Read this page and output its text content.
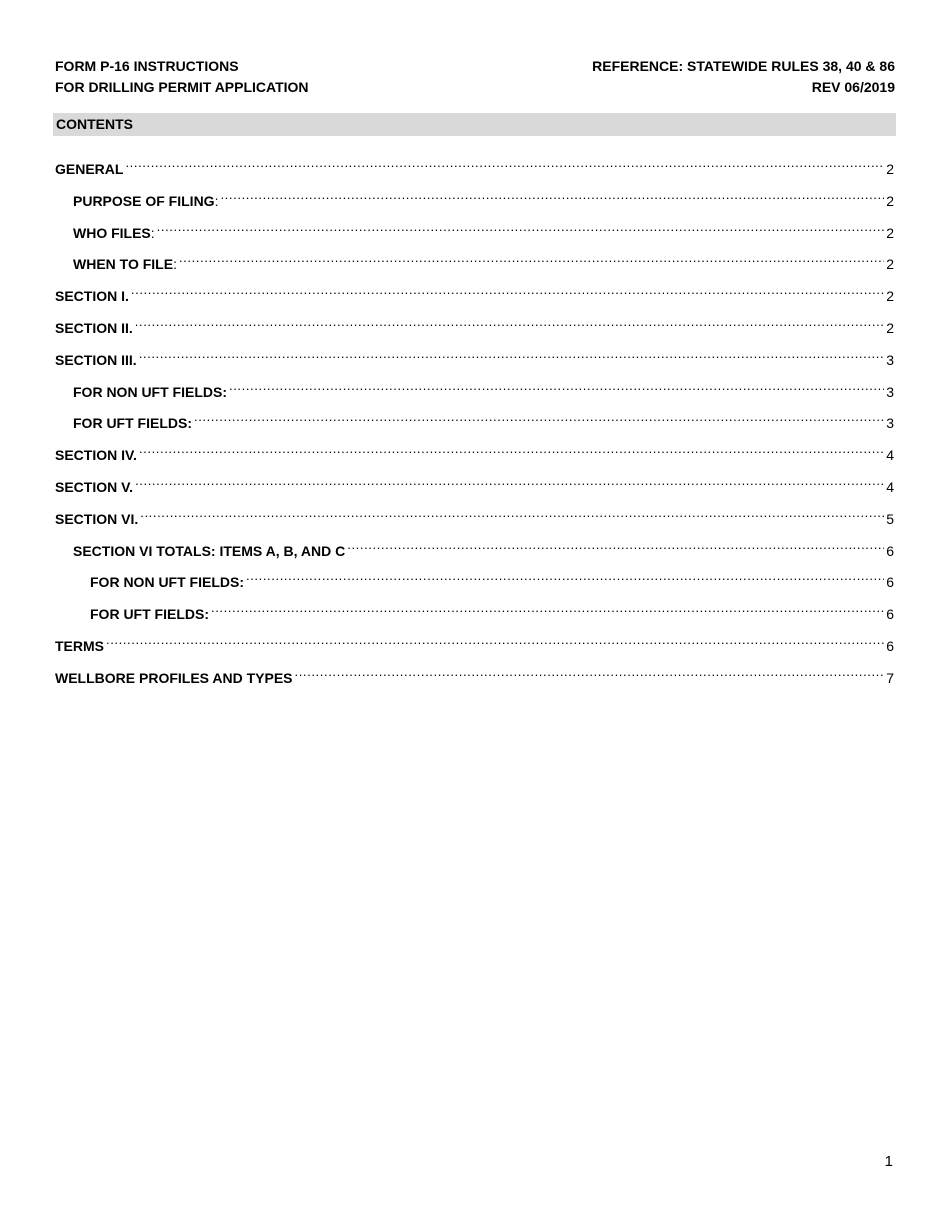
FORM P-16 INSTRUCTIONS
FOR DRILLING PERMIT APPLICATION
REFERENCE: STATEWIDE RULES 38, 40 & 86
REV 06/2019
CONTENTS
GENERAL .....	2
PURPOSE OF FILING : .....	2
WHO FILES : .....	2
WHEN TO FILE : .....	2
SECTION I. .....	2
SECTION II. .....	2
SECTION III. .....	3
FOR NON UFT FIELDS: .....	3
FOR UFT FIELDS: .....	3
SECTION IV. .....	4
SECTION V. .....	4
SECTION VI. .....	5
SECTION VI TOTALS: ITEMS A, B, AND C .....	6
FOR NON UFT FIELDS: .....	6
FOR UFT FIELDS: .....	6
TERMS .....	6
WELLBORE PROFILES AND TYPES .....	7
1
